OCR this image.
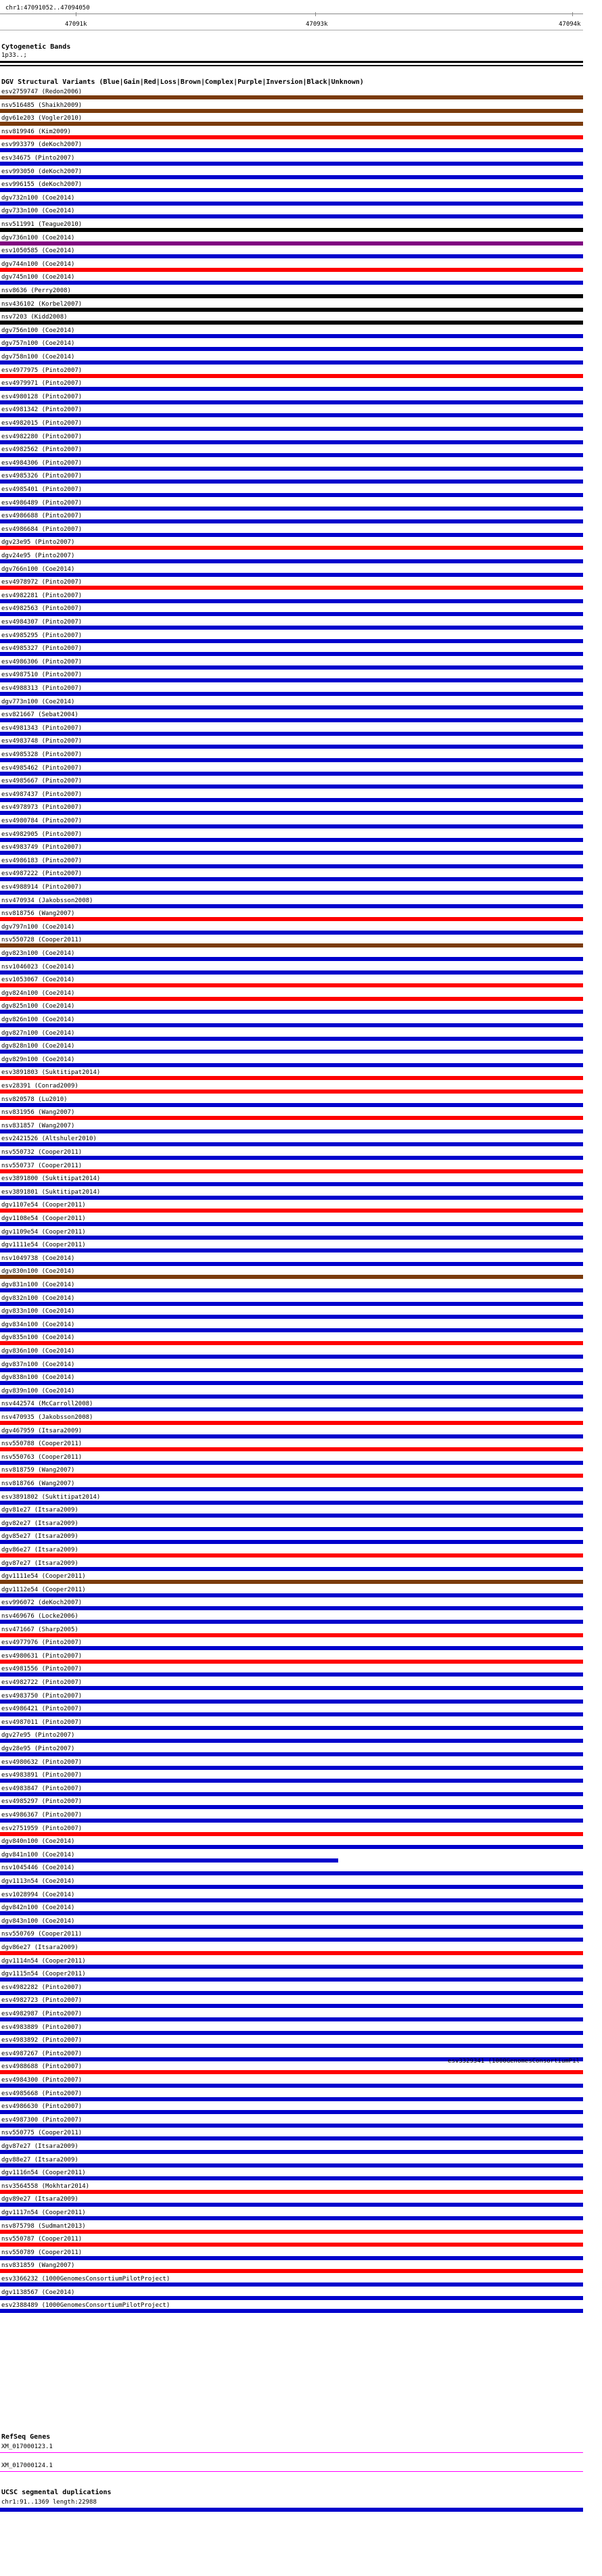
chr1:47091052..47094050
47091k	47093k	47094k
Cytogenetic Bands
1p33..;
DGV Structural Variants (Blue|Gain|Red|Loss|Brown|Complex|Purple|Inversion|Black|Unknown)
esv2759747 (Redon2006)
nsv516485 (Shaikh2009)
dgv61e203 (Vogler2010)
nsv819946 (Kim2009)
esv993379 (deKoch2007)
esv34675 (Pinto2007)
esv993050 (deKoch2007)
esv996155 (deKoch2007)
dgv732n100 (Coe2014)
dgv733n100 (Coe2014)
nsv511991 (Teague2010)
dgv736n100 (Coe2014)
esv1050585 (Coe2014)
dgv744n100 (Coe2014)
dgv745n100 (Coe2014)
nsv8636 (Perry2008)
nsv436102 (Korbel2007)
nsv7203 (Kidd2008)
dgv756n100 (Coe2014)
dgv757n100 (Coe2014)
dgv758n100 (Coe2014)
esv4977975 (Pinto2007)
esv4979971 (Pinto2007)
esv4980128 (Pinto2007)
esv4981342 (Pinto2007)
esv4982015 (Pinto2007)
esv4982280 (Pinto2007)
esv4982562 (Pinto2007)
esv4984306 (Pinto2007)
esv4985326 (Pinto2007)
esv4985401 (Pinto2007)
esv4986489 (Pinto2007)
esv4986688 (Pinto2007)
esv4986684 (Pinto2007)
dgv23e95 (Pinto2007)
dgv24e95 (Pinto2007)
dgv766n100 (Coe2014)
esv4978972 (Pinto2007)
esv4982281 (Pinto2007)
esv4982563 (Pinto2007)
esv4984307 (Pinto2007)
esv4985295 (Pinto2007)
esv4985327 (Pinto2007)
esv4986306 (Pinto2007)
esv4987510 (Pinto2007)
esv4988313 (Pinto2007)
dgv773n100 (Coe2014)
esv821667 (Sebat2004)
esv4981343 (Pinto2007)
esv4983748 (Pinto2007)
esv4985328 (Pinto2007)
esv4985462 (Pinto2007)
esv4985667 (Pinto2007)
esv4987437 (Pinto2007)
esv4978973 (Pinto2007)
esv4980784 (Pinto2007)
esv4982905 (Pinto2007)
esv4983749 (Pinto2007)
esv4986183 (Pinto2007)
esv4987222 (Pinto2007)
esv4988914 (Pinto2007)
nsv470934 (Jakobsson2008)
nsv818756 (Wang2007)
dgv797n100 (Coe2014)
nsv550728 (Cooper2011)
dgv823n100 (Coe2014)
nsv1046023 (Coe2014)
esv1053067 (Coe2014)
dgv824n100 (Coe2014)
dgv825n100 (Coe2014)
dgv826n100 (Coe2014)
dgv827n100 (Coe2014)
dgv828n100 (Coe2014)
dgv829n100 (Coe2014)
esv3891803 (Suktitipat2014)
esv28391 (Conrad2009)
nsv820578 (Lu2010)
nsv831956 (Wang2007)
nsv831857 (Wang2007)
esv2421526 (Altshuler2010)
nsv550732 (Cooper2011)
nsv550737 (Cooper2011)
esv3891800 (Suktitipat2014)
esv3891801 (Suktitipat2014)
dgv1107e54 (Cooper2011)
dgv1108e54 (Cooper2011)
dgv1109e54 (Cooper2011)
dgv1111e54 (Cooper2011)
nsv1049738 (Coe2014)
dgv830n100 (Coe2014)
dgv831n100 (Coe2014)
dgv832n100 (Coe2014)
dgv833n100 (Coe2014)
dgv834n100 (Coe2014)
dgv835n100 (Coe2014)
dgv836n100 (Coe2014)
dgv837n100 (Coe2014)
dgv838n100 (Coe2014)
dgv839n100 (Coe2014)
nsv442574 (McCarroll2008)
nsv470935 (Jakobsson2008)
dgv467959 (Itsara2009)
nsv550788 (Cooper2011)
nsv550763 (Cooper2011)
nsv818759 (Wang2007)
nsv818766 (Wang2007)
esv3891802 (Suktitipat2014)
dgv81e27 (Itsara2009)
dgv82e27 (Itsara2009)
dgv85e27 (Itsara2009)
dgv86e27 (Itsara2009)
dgv87e27 (Itsara2009)
dgv1111e54 (Cooper2011)
dgv1112e54 (Cooper2011)
esv996072 (deKoch2007)
nsv469676 (Locke2006)
nsv471667 (Sharp2005)
esv4977976 (Pinto2007)
esv4980631 (Pinto2007)
esv4981556 (Pinto2007)
esv4982722 (Pinto2007)
esv4983750 (Pinto2007)
esv4986421 (Pinto2007)
esv4987011 (Pinto2007)
dgv27e95 (Pinto2007)
dgv28e95 (Pinto2007)
esv4980632 (Pinto2007)
esv4983891 (Pinto2007)
esv4983847 (Pinto2007)
esv4985297 (Pinto2007)
esv4986367 (Pinto2007)
esv2751959 (Pinto2007)
dgv840n100 (Coe2014)
dgv841n100 (Coe2014)
nsv1045446 (Coe2014)
dgv1113n54 (Coe2014)
esv1028994 (Coe2014)
dgv842n100 (Coe2014)
dgv843n100 (Coe2014)
nsv550769 (Cooper2011)
dgv86e27 (Itsara2009)
dgv1114n54 (Cooper2011)
dgv1115n54 (Cooper2011)
esv4982282 (Pinto2007)
esv4982723 (Pinto2007)
esv4982987 (Pinto2007)
esv4983889 (Pinto2007)
esv4983892 (Pinto2007)
esv4987267 (Pinto2007)
esv4988688 (Pinto2007)
esv4984300 (Pinto2007)
esv4985668 (Pinto2007)
esv4986630 (Pinto2007)
esv4987300 (Pinto2007)
nsv550775 (Cooper2011)
dgv87e27 (Itsara2009)
dgv88e27 (Itsara2009)
dgv1116n54 (Cooper2011)
nsv3564558 (Mokhtar2014)
dgv89e27 (Itsara2009)
dgv1117n54 (Cooper2011)
nsv875798 (Sudmant2013)
nsv550787 (Cooper2011)
nsv550789 (Cooper2011)
nsv831859 (Wang2007)
esv3366232 (1000GenomesConsortiumPilotProject)
dgv1138567 (Coe2014)
esv2388489 (1000GenomesConsortiumPilotProject)
esv3329341 (1000GenomesConsortiumPil
RefSeq Genes
XM_017000123.1
XM_017000124.1
UCSC segmental duplications
chr1:91..1369 length:22988
